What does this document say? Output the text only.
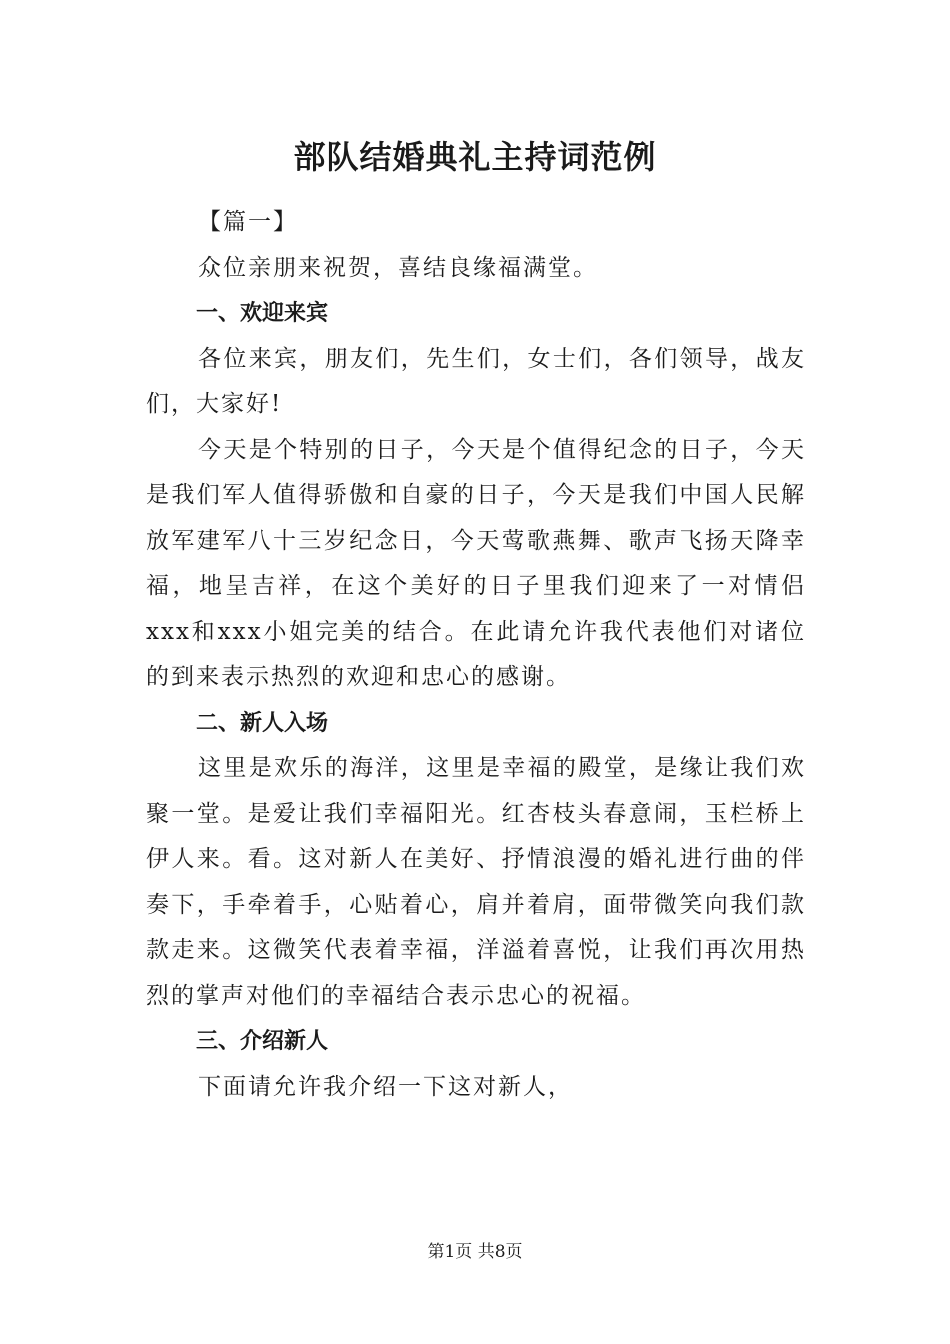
部队结婚典礼主持词范例

【篇一】

众位亲朋来祝贺，喜结良缘福满堂。

一、欢迎来宾

各位来宾，朋友们，先生们，女士们，各们领导，战友们，大家好!

今天是个特别的日子，今天是个值得纪念的日子，今天是我们军人值得骄傲和自豪的日子，今天是我们中国人民解放军建军八十三岁纪念日，今天莺歌燕舞、歌声飞扬天降幸福，地呈吉祥，在这个美好的日子里我们迎来了一对情侣xxx和xxx小姐完美的结合。在此请允许我代表他们对诸位的到来表示热烈的欢迎和忠心的感谢。

二、新人入场

这里是欢乐的海洋，这里是幸福的殿堂，是缘让我们欢聚一堂。是爱让我们幸福阳光。红杏枝头春意闹，玉栏桥上伊人来。看。这对新人在美好、抒情浪漫的婚礼进行曲的伴奏下，手牵着手，心贴着心，肩并着肩，面带微笑向我们款款走来。这微笑代表着幸福，洋溢着喜悦，让我们再次用热烈的掌声对他们的幸福结合表示忠心的祝福。

三、介绍新人

下面请允许我介绍一下这对新人，

第1页 共8页
